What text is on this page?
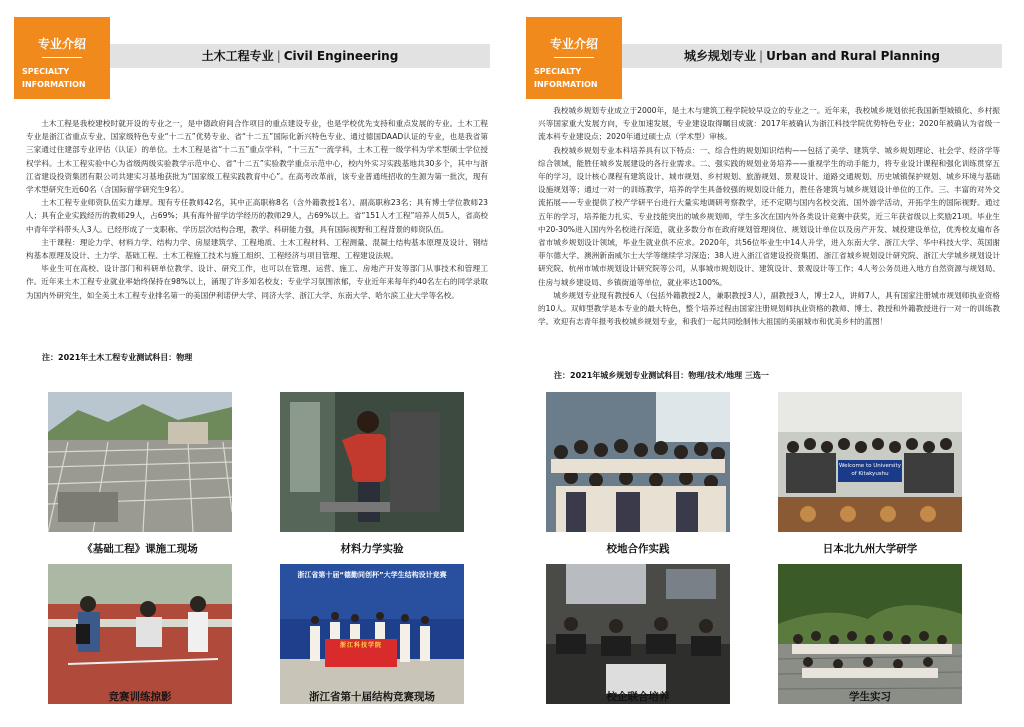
专业介绍
SPECIALTY
INFORMATION
土木工程专业 | Civil Engineering

土木工程是我校建校时就开设的专业之一，是中德政府间合作项目的重点建设专业，也是学校优先支持和重点发展的专业。土木工程专业是浙江省重点专业、国家级特色专业“十二五”优势专业、省“十二五”国际化新兴特色专业、通过德国DAAD认证的专业，也是我省第三家通过住建部专业评估（认证）的单位。土木工程是省“十二五”重点学科，“十三五”一流学科，土木工程一级学科为学术型硕士学位授权学科。土木工程实验中心为省级两级实验教学示范中心、省“十二五”实验教学重点示范中心，校内外实习实践基地共30多个，其中与浙江省建设投资集团有限公司共建实习基地获批为“国家级工程实践教育中心”。在高考改革前，该专业普通班招收的生源为第一批次，现有学术型研究生近60名（含国际留学研究生9名）。

土木工程专业师资队伍实力雄厚。现有专任教师42名，其中正高职称8名（含外籍教授1名）、副高职称23名；具有博士学位教师23人；具有企业实践经历的教师29人，占69%；具有海外留学访学经历的教师29人，占69%以上。省“151人才工程”培养人员5人，省高校中青年学科带头人3人。已经形成了一支职称、学历层次结构合理，教学、科研能力强，具有国际视野和工程背景的师资队伍。

主干课程：理论力学、材料力学、结构力学、房屋建筑学、工程地质、土木工程材料、工程测量、混凝土结构基本原理及设计、钢结构基本原理及设计、土力学、基础工程、土木工程施工技术与施工组织、工程经济与项目管理、工程建设法规。

毕业生可在高校、设计部门和科研单位教学、设计、研究工作，也可以在管理、运营、施工、房地产开发等部门从事技术和管理工作。近年来土木工程专业就业率始终保持在98%以上，涌现了许多知名校友；专业学习氛围浓郁，专业近年来每年约40名左右的同学录取为国内外研究生，如全美土木工程专业排名第一的美国伊利诺伊大学、同济大学、浙江大学、东南大学、哈尔滨工业大学等名校。

注：2021年土木工程专业测试科目：物理
《基础工程》课施工现场	材料力学实验
竞赛训练掠影
浙江省第十届“德勤同创杯”大学生结构设计竞赛
浙江科技学院
浙江省第十届结构竞赛现场
专业介绍
SPECIALTY
INFORMATION
城乡规划专业 | Urban and Rural Planning

我校城乡规划专业成立于2000年，是土木与建筑工程学院较早设立的专业之一。近年来，我校城乡规划依托我国新型城镇化、乡村振兴等国家重大发展方向，专业加速发展，专业建设取得瞩目成就：2017年被确认为浙江科技学院优势特色专业；2020年被确认为省级一流本科专业建设点；2020年通过硕士点（学术型）审核。

我校城乡规划专业本科培养具有以下特点：一、综合性的规划知识结构——包括了美学、建筑学、城乡规划理论、社会学、经济学等综合领域，能胜任城乡发展建设的各行业需求。二、强实践的规划业务培养——重视学生的动手能力，将专业设计课程和强化训练贯穿五年的学习，设计核心课程有建筑设计、城市规划、乡村规划、旅游规划、景观设计、道路交通规划、历史城镇保护规划、城乡环境与基础设施规划等；通过一对一的训练教学，培养的学生具备较强的规划设计能力，胜任各建筑与城乡规划设计单位的工作。三、丰富的对外交流拓展——专业提供了校产学研平台进行大量实地调研考察教学，还不定期与国内名校交流、国外游学活动，开拓学生的国际视野。通过五年的学习，培养能力扎实、专业技能突出的城乡规划师，学生多次在国内外各类设计竞赛中获奖，近三年获省级以上奖励21项。毕业生中20-30%进入国内外名校进行深造，就业多数分布在政府规划管理岗位、规划设计单位以及房产开发、城投建设单位，优秀校友遍布各省市城乡规划设计领域，毕业生就业供不应求。2020年，共56位毕业生中14人升学，进入东南大学、浙江大学、华中科技大学、英国谢菲尔德大学、澳洲新南威尔士大学等继续学习深造；38人进入浙江省建设投资集团、浙江省城乡规划设计研究院、浙江大学城乡规划设计研究院、杭州市城市规划设计研究院等公司，从事城市规划设计、建筑设计、景观设计等工作；4人考公务员进入地方自然资源与规划局、住房与城乡建设局、乡镇街道等单位，就业率达100%。

城乡规划专业现有教授6人（包括外籍教授2人，兼职教授3人），副教授3人，博士2人，讲师7人，具有国家注册城市规划师执业资格的10人。双师型教学是本专业的最大特色，整个培养过程由国家注册规划师执业资格的教师、博士、教授和外籍教授进行一对一的训练教学。欢迎有志青年报考我校城乡规划专业，和我们一起共同绘制伟大祖国的美丽城市和优美乡村的蓝图！

注：2021年城乡规划专业测试科目：物理/技术/地理 三选一
校地合作实践
Welcome to University of Kitakyushu
日本北九州大学研学
校企联合培养	学生实习
